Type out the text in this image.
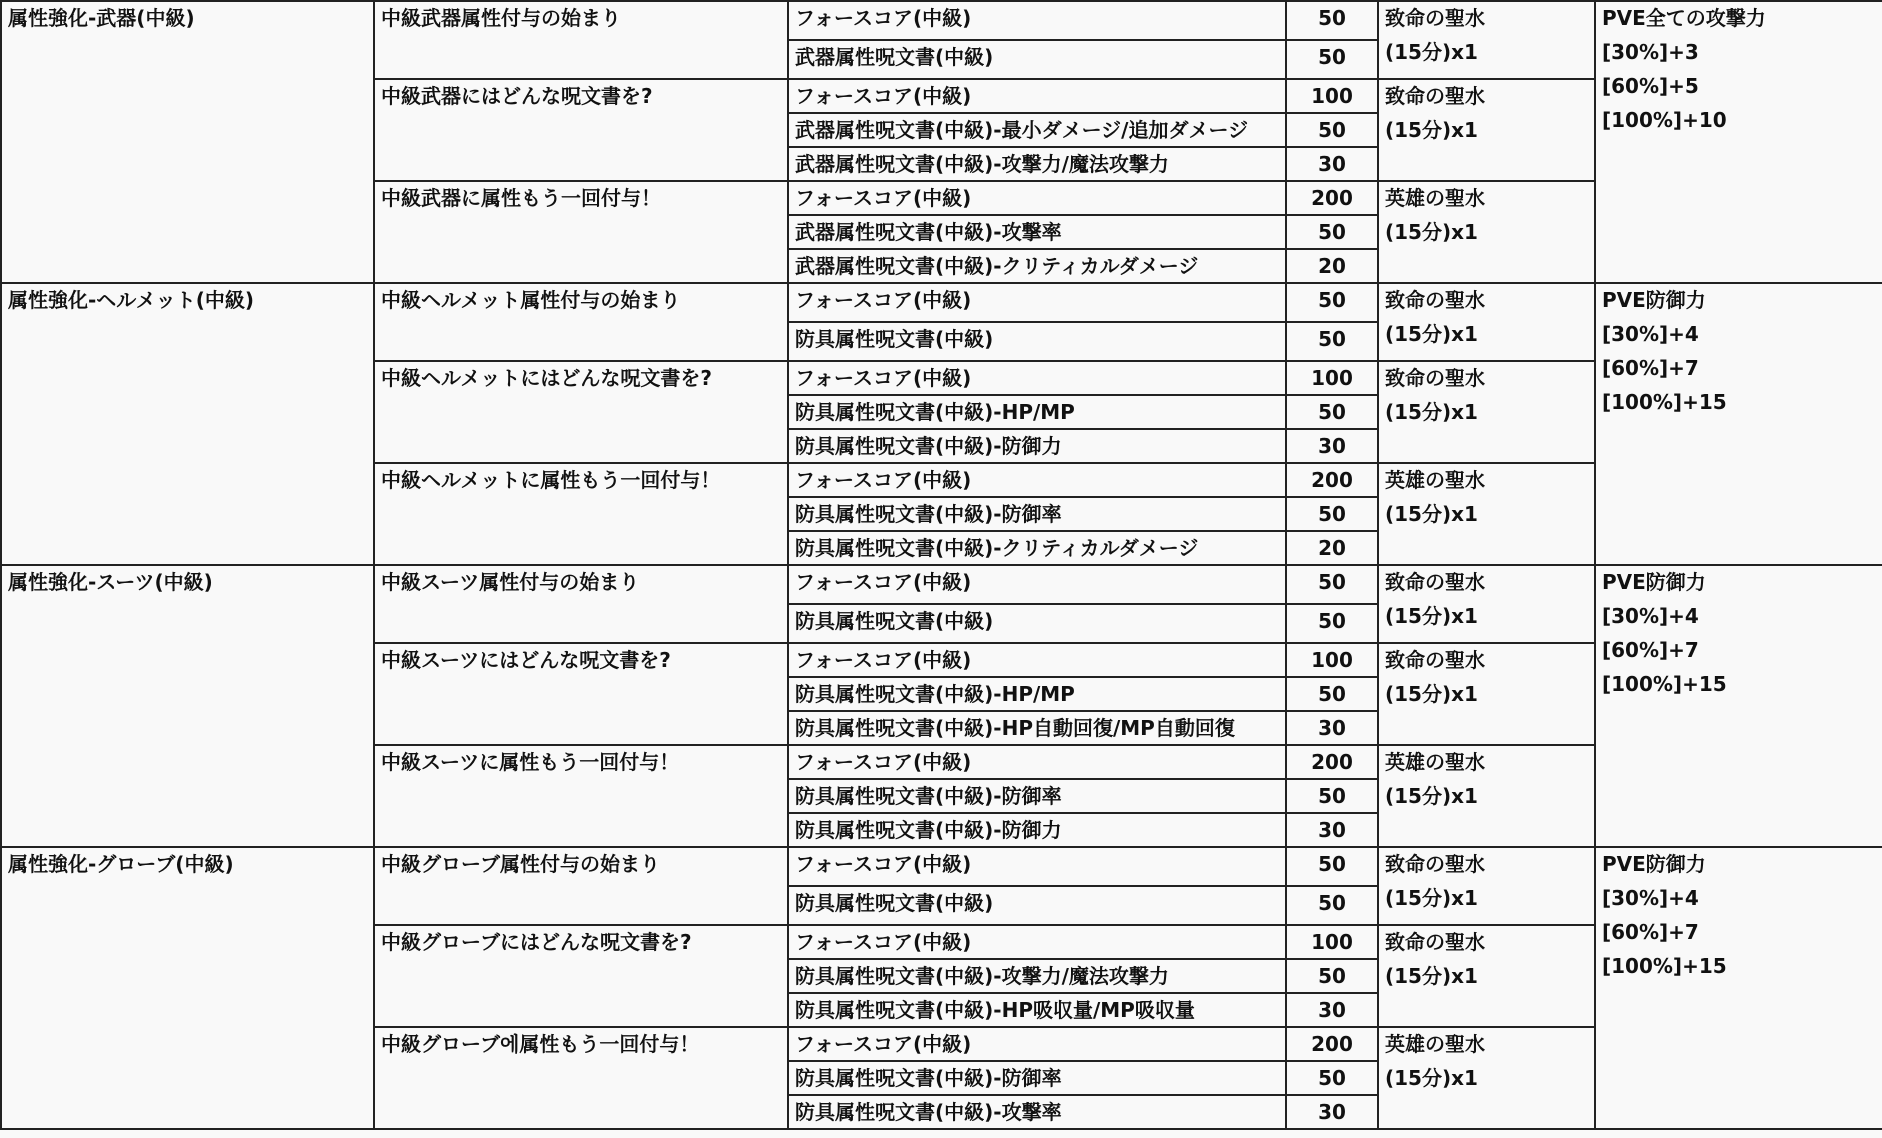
属性強化-武器(中級)	中級武器属性付与の始まり	フォースコア(中級)	50	致命の聖水
(15分)x1	PVE全ての攻撃力
[30%]+3
[60%]+5
[100%]+10

		武器属性呪文書(中級)	50		
	中級武器にはどんな呪文書を?	フォースコア(中級)	100	致命の聖水
(15分)x1	

		武器属性呪文書(中級)-最小ダメージ/追加ダメージ	50		
		武器属性呪文書(中級)-攻撃力/魔法攻撃力	30		
	中級武器に属性もう一回付与！	フォースコア(中級)	200	英雄の聖水
(15分)x1	

		武器属性呪文書(中級)-攻撃率	50		
		武器属性呪文書(中級)-クリティカルダメージ	20		
属性強化-ヘルメット(中級)	中級ヘルメット属性付与の始まり	フォースコア(中級)	50	致命の聖水
(15分)x1	PVE防御力
[30%]+4
[60%]+7
[100%]+15

		防具属性呪文書(中級)	50		
	中級ヘルメットにはどんな呪文書を?	フォースコア(中級)	100	致命の聖水
(15分)x1	

		防具属性呪文書(中級)-HP/MP	50		
		防具属性呪文書(中級)-防御力	30		
	中級ヘルメットに属性もう一回付与！	フォースコア(中級)	200	英雄の聖水
(15分)x1	

		防具属性呪文書(中級)-防御率	50		
		防具属性呪文書(中級)-クリティカルダメージ	20		
属性強化-スーツ(中級)	中級スーツ属性付与の始まり	フォースコア(中級)	50	致命の聖水
(15分)x1	PVE防御力
[30%]+4
[60%]+7
[100%]+15

		防具属性呪文書(中級)	50		
	中級スーツにはどんな呪文書を?	フォースコア(中級)	100	致命の聖水
(15分)x1	

		防具属性呪文書(中級)-HP/MP	50		
		防具属性呪文書(中級)-HP自動回復/MP自動回復	30		
	中級スーツに属性もう一回付与！	フォースコア(中級)	200	英雄の聖水
(15分)x1	

		防具属性呪文書(中級)-防御率	50		
		防具属性呪文書(中級)-防御力	30		
属性強化-グローブ(中級)	中級グローブ属性付与の始まり	フォースコア(中級)	50	致命の聖水
(15分)x1	PVE防御力
[30%]+4
[60%]+7
[100%]+15

		防具属性呪文書(中級)	50		
	中級グローブにはどんな呪文書を?	フォースコア(中級)	100	致命の聖水
(15分)x1	

		防具属性呪文書(中級)-攻撃力/魔法攻撃力	50		
		防具属性呪文書(中級)-HP吸収量/MP吸収量	30		
	中級グローブ에属性もう一回付与！	フォースコア(中級)	200	英雄の聖水
(15分)x1	

		防具属性呪文書(中級)-防御率	50		
		防具属性呪文書(中級)-攻撃率	30		
